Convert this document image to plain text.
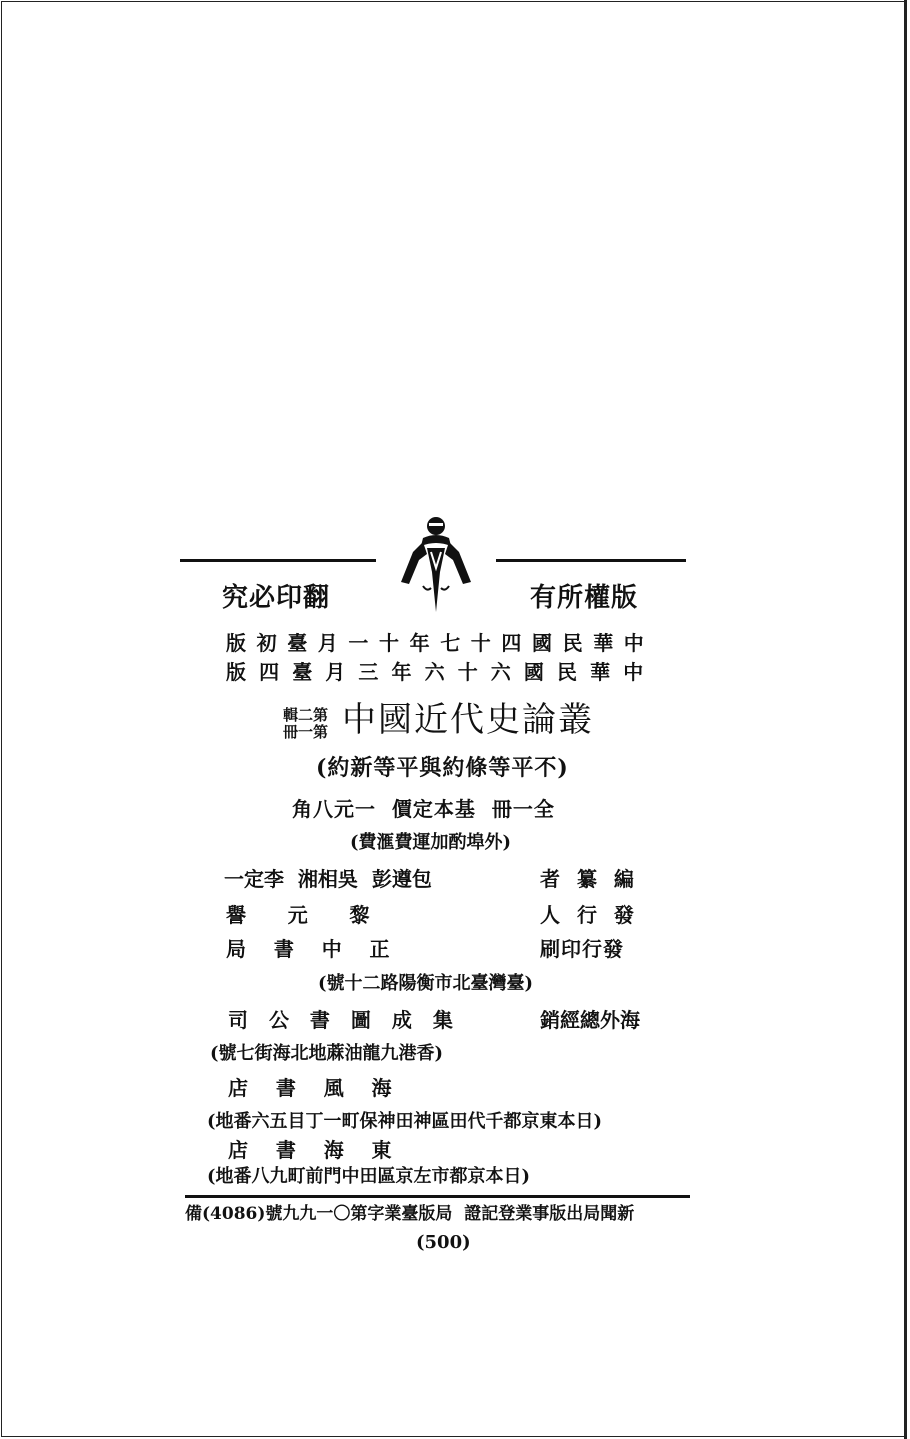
有所權版
究必印翻
版初臺月一十年七十四國民華中
版四臺月三年六十六國民華中
輯二第
冊一第 中國近代史論叢
(約新等平與約條等平不)
角八元一  價定本基  冊一全
(費滙費運加酌埠外)
一定李  湘相吳  彭遵包	者 纂 編
譽      元      黎	人 行 發
局    書    中    正	刷印行發
(號十二路陽衡市北臺灣臺)
司 公 書 圖 成 集	銷經總外海
(號七街海北地蔴油龍九港香)
店    書    風    海
(地番六五目丁一町保神田神區田代千都京東本日)
店    書    海    東
(地番八九町前門中田區京左市都京本日)
備(4086)號九九一〇第字業臺版局  證記登業事版出局聞新
(500)
